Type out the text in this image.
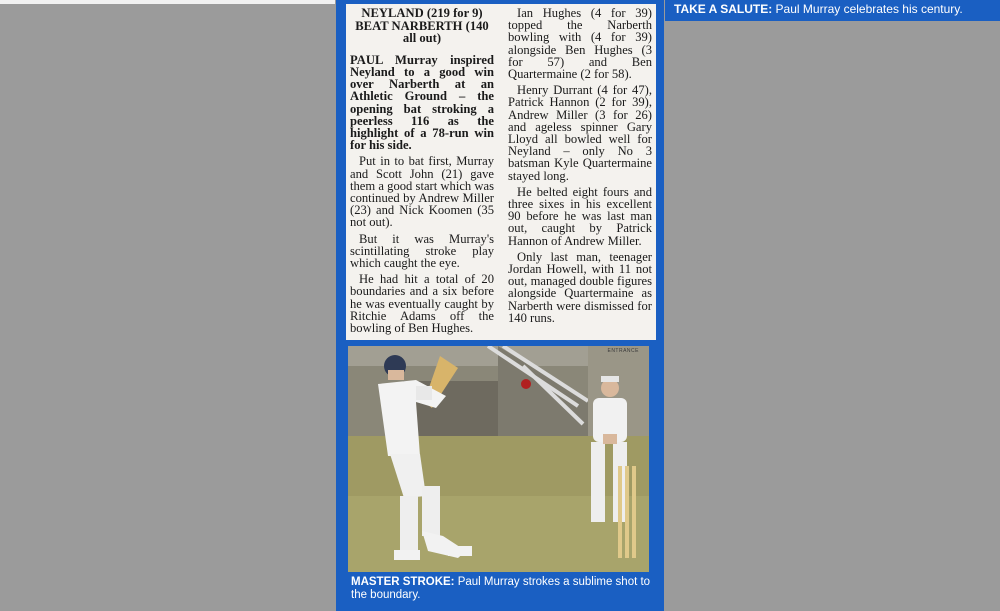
TAKE A SALUTE: Paul Murray celebrates his century.
NEYLAND (219 for 9) BEAT NARBERTH (140 all out)

PAUL Murray inspired Neyland to a good win over Narberth at an Athletic Ground – the opening bat stroking a peerless 116 as the highlight of a 78-run win for his side.

Put in to bat first, Murray and Scott John (21) gave them a good start which was continued by Andrew Miller (23) and Nick Koomen (35 not out).

But it was Murray's scintillating stroke play which caught the eye.

He had hit a total of 20 boundaries and a six before he was eventually caught by Ritchie Adams off the bowling of Ben Hughes.

Ian Hughes (4 for 39) topped the Narberth bowling with (4 for 39) alongside Ben Hughes (3 for 57) and Ben Quartermaine (2 for 58).

Henry Durrant (4 for 47), Patrick Hannon (2 for 39), Andrew Miller (3 for 26) and ageless spinner Gary Lloyd all bowled well for Neyland – only No 3 batsman Kyle Quartermaine stayed long.

He belted eight fours and three sixes in his excellent 90 before he was last man out, caught by Patrick Hannon of Andrew Miller.

Only last man, teenager Jordan Howell, with 11 not out, managed double figures alongside Quartermaine as Narberth were dismissed for 140 runs.

ENTRANCE
MASTER STROKE: Paul Murray strokes a sublime shot to the boundary.
